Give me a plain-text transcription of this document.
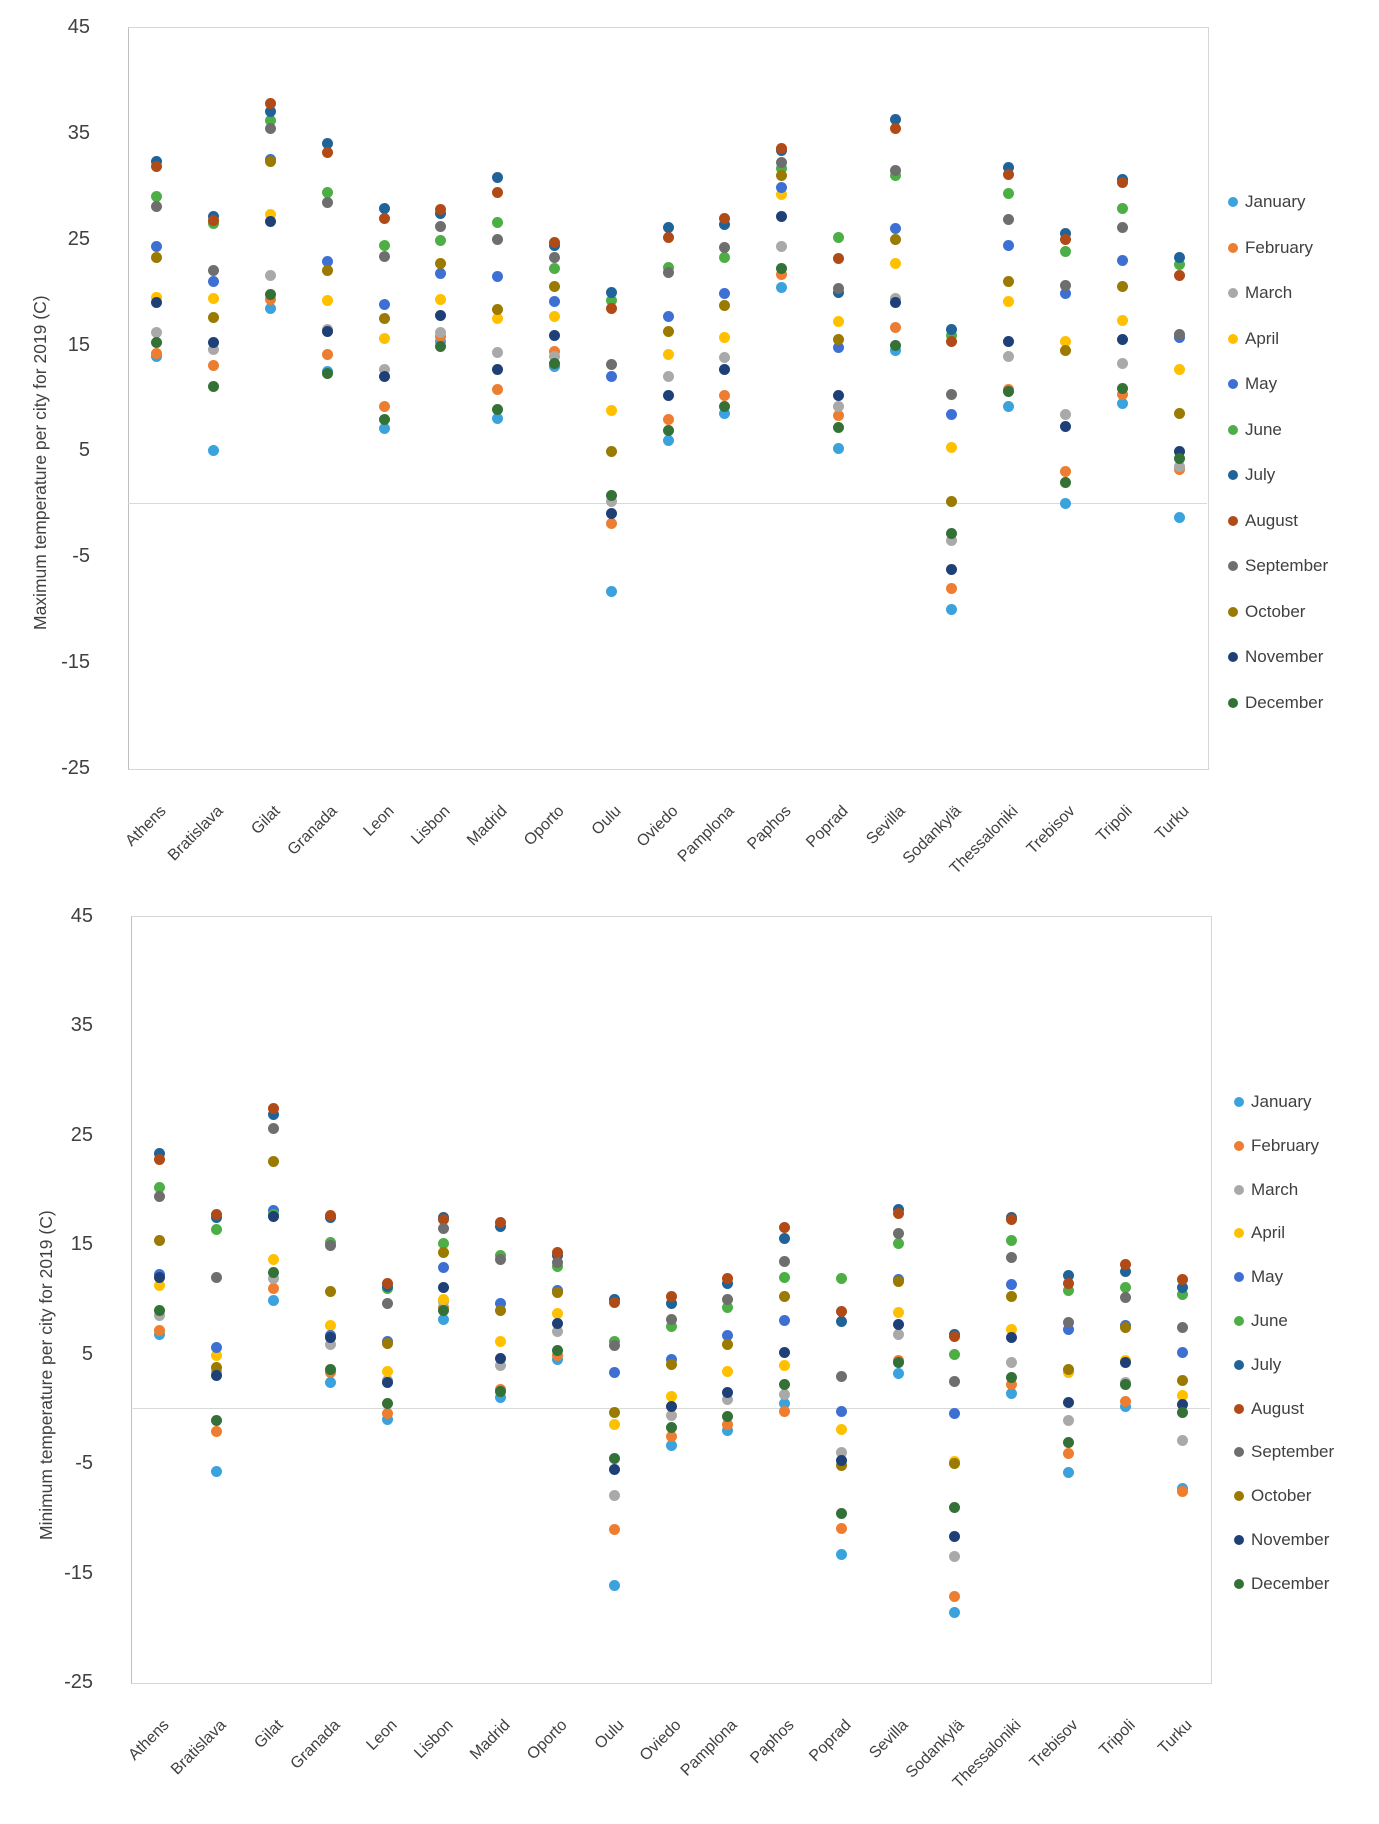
Maximum temperature per city for 2019 (C)
45
35
25
15
5
-5
-15
-25
Athens
Bratislava	Gilat Granada	Leon Lisbon Madrid Oporto	Oulu Oviedo
Pamplona Paphos Poprad Sevilla
Sodankylä
Thessaloniki Trebisov Tripoli	Turku
January
February
March
April
May
June
July
August
September
October
November
December
Minimum temperature per city for 2019 (C)
45
35
25
15
5
-5
-15
-25
Athens
Bratislava	Gilat Granada	Leon Lisbon Madrid Oporto	Oulu Oviedo
Pamplona Paphos Poprad Sevilla
Sodankylä
Thessaloniki Trebisov Tripoli	Turku
January
February
March
April
May
June
July
August
September
October
November
December
